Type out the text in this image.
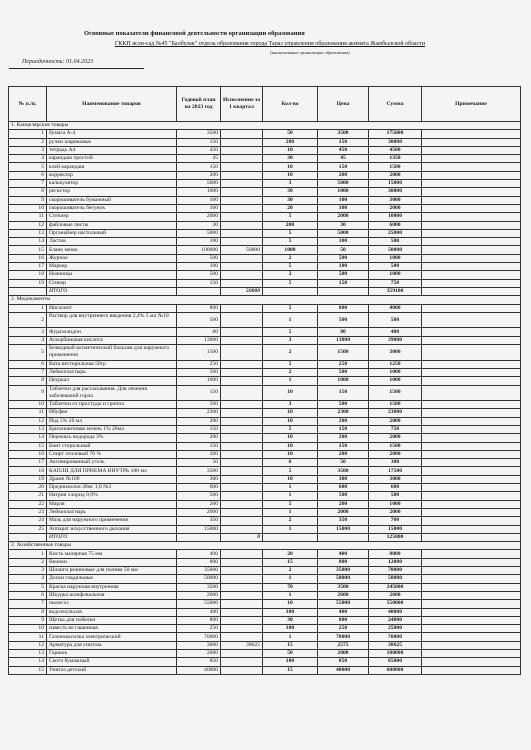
Основные показатели финансовой деятельности организации образования
ГККП ясли-сад №45 "Балбулак" отдела образования города Тараз управления образования акимата Жамбылской области
(наименование организации образования)
Периодичность: 01.04.2023
№ п./п.	Наименование товаров	Годовой план на 2023 год	Исполнение за 1 квартал	Кол-во	Цена	Сумма	Примечание
1. Канцелярские товары							
1	бумага А-4	3500		50	3500	175000	
2	ручки шариковые	150		200	150	30000	
3	тетрадь А4	450		10	450	4500	
4	карандаш простой	45		30	45	1350	
5	клей карандаш	150		10	150	1500	
6	корректор	200		10	200	2000	
7	калькулятор	5000		3	5000	15000	
8	регистор	1000		30	1000	30000	
9	скорошиватель бумажный	100		30	100	3000	
10	скорошиватель бегунок	100		20	100	2000	
11	Степлер	2000		5	2000	10000	
12	файловые листы	30		200	30	6000	
13	Органайзер настольный	5000		5	5000	25000	
14	Ластик	100		5	100	500	
15	Бланк меню	100000	50000	1000	50	50000	
16	Журнал	500		2	500	1000	
17	Маркер	100		5	100	500	
18	Ножницы	500		2	500	1000	
19	Стикер	150		5	150	750	
	ИТОГО		50000			359100	
2. Медикаменты							
1	Ингалипт	800		5	800	4000	
2	Раствор для внутреннего введения 2,4% 5 мл №10	500		1	500	500	
3	Фуразолидон	80		5	80	400	
4	Аскорбиновая кислота	13000		3	13000	39000	
5	Безводный косметический бальзам для наружного применения	1500		2	1500	3000	
6	Вата нестерильная 50гр	250		5	250	1250	
7	Лейкопластырь	500		2	500	1000	
8	Цеуркал	1000		1	1000	1000	
9	Таблетки для рассасывания. Для лечения заболеваний горла	150		10	150	1500	
10	Таблетки от простуды и гриппа	500		3	500	1500	
11	Ибуфен	2300		10	2300	23000	
12	Йод 5% 20 мл	200		10	200	2000	
13	Бриллиантовая зелень 1% 20мл	150		5	150	750	
14	Перекись водорода 3%	200		10	200	2000	
15	Бинт стерильный	150		10	150	1500	
16	Спирт этиловый 70 %	200		10	200	2000	
17	Активированный уголь	50		6	50	300	
18	КАПЛИ ДЛЯ ПРИЕМА ВНУТРЬ 100 мл	3500		5	3500	17500	
19	Драже №100	300		10	300	3000	
20	Преднизолон 30мг 1,0 №3	600		1	600	600	
21	Натрия хлорид 0,9%	500		1	500	500	
22	Марля	200		5	200	1000	
23	Лейкопластырь	2000		1	2000	2000	
24	Мазь для наружного применения	350		2	350	700	
25	Аппарат искусственного дыхания	15000		1	15000	15000	
	ИТОГО		0			125000	
2. Хозяйственные товары							
1	Кисть малярная 75 мм	400		20	400	8000	
2	Веники	800		15	800	12000	
3	Шланги резиновые для полива 50 мм	35000		2	35000	70000	
4	Доски гладильные	50000		1	50000	50000	
5	Краска наружная внутренняя	3500		70	3500	245000	
6	Шкурка шлифовальная	2600		1	2600	2600	
7	пылесос	55000		10	55000	550000	
8	водоэмульсия	400		100	400	40000	
9	Щетка для побелки	800		30	800	24000	
10	известь не гашенная	250		100	250	25000	
11	Газонокосилка электрический	70000		1	70000	70000	
12	Арматура для унитаза	3000	38625	15	2575	38625	
13	Горшок	2000		50	2000	100000	
14	Скотч бумажный	850		100	850	85000	
15	Унитаз детский	40000		15	40000	600000	
